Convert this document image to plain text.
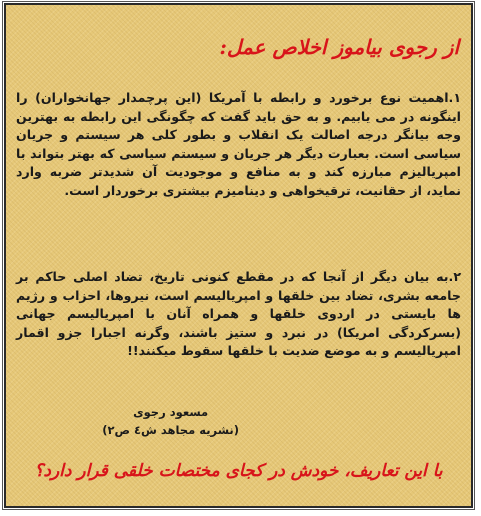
از رجوی بیاموز اخلاص عمل:

۱.اهمیت نوع برخورد و رابطه با آمریکا (این پرچمدار جهانخواران) را اینگونه در می یابیم. و به حق باید گفت که چگونگی این رابطه به بهترین وجه بیانگر درجه اصالت یک انقلاب و بطور کلی هر سیستم و جریان سیاسی است. بعبارت دیگر هر جریان و سیستم سیاسی که بهتر بتواند با امپریالیزم مبارزه کند و به منافع و موجودیت آن شدیدتر ضربه وارد نماید، از حقانیت، ترقیخواهی و دینامیزم بیشتری برخوردار است.

۲.به بیان دیگر از آنجا که در مقطع کنونی تاریخ، تضاد اصلی حاکم بر جامعه بشری، تضاد بین خلقها و امپریالیسم است، نیروها، احزاب و رژیم ها بایستی در اردوی خلقها و همراه آنان با امپریالیسم جهانی (بسرکردگی امریکا) در نبرد و ستیز باشند، وگرنه اجبارا جزو اقمار امپریالیسم و به موضع ضدیت با خلقها سقوط میکنند!!

مسعود رجوی
(نشریه مجاهد ش٤ ص٢)

با این تعاریف، خودش در کجای مختصات خلقی قرار دارد؟
